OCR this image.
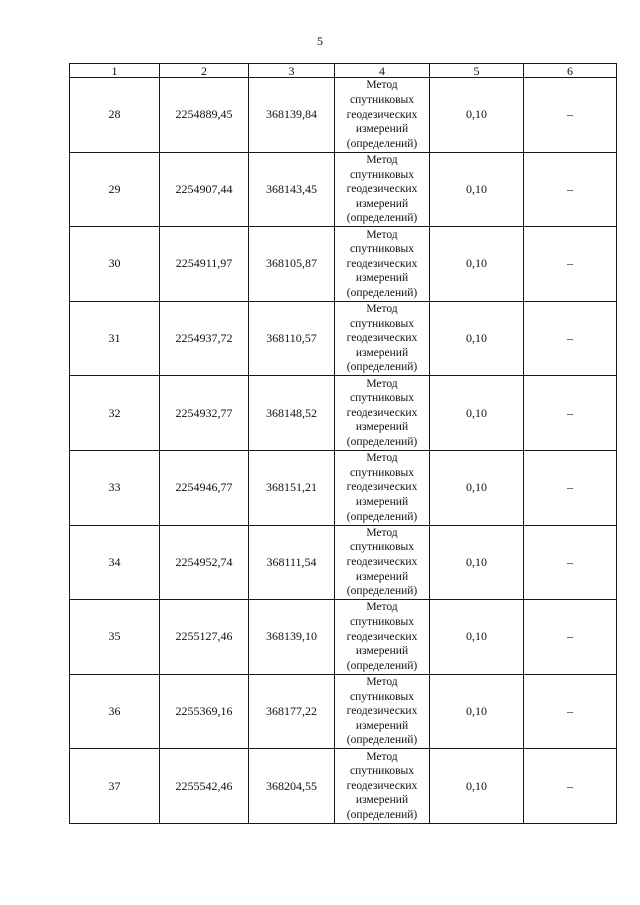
5
1	2	3	4	5	6
28	2254889,45	368139,84	Метод
спутниковых
геодезических
измерений
(определений)	0,10	–
29	2254907,44	368143,45	Метод
спутниковых
геодезических
измерений
(определений)	0,10	–
30	2254911,97	368105,87	Метод
спутниковых
геодезических
измерений
(определений)	0,10	–
31	2254937,72	368110,57	Метод
спутниковых
геодезических
измерений
(определений)	0,10	–
32	2254932,77	368148,52	Метод
спутниковых
геодезических
измерений
(определений)	0,10	–
33	2254946,77	368151,21	Метод
спутниковых
геодезических
измерений
(определений)	0,10	–
34	2254952,74	368111,54	Метод
спутниковых
геодезических
измерений
(определений)	0,10	–
35	2255127,46	368139,10	Метод
спутниковых
геодезических
измерений
(определений)	0,10	–
36	2255369,16	368177,22	Метод
спутниковых
геодезических
измерений
(определений)	0,10	–
37	2255542,46	368204,55	Метод
спутниковых
геодезических
измерений
(определений)	0,10	–
